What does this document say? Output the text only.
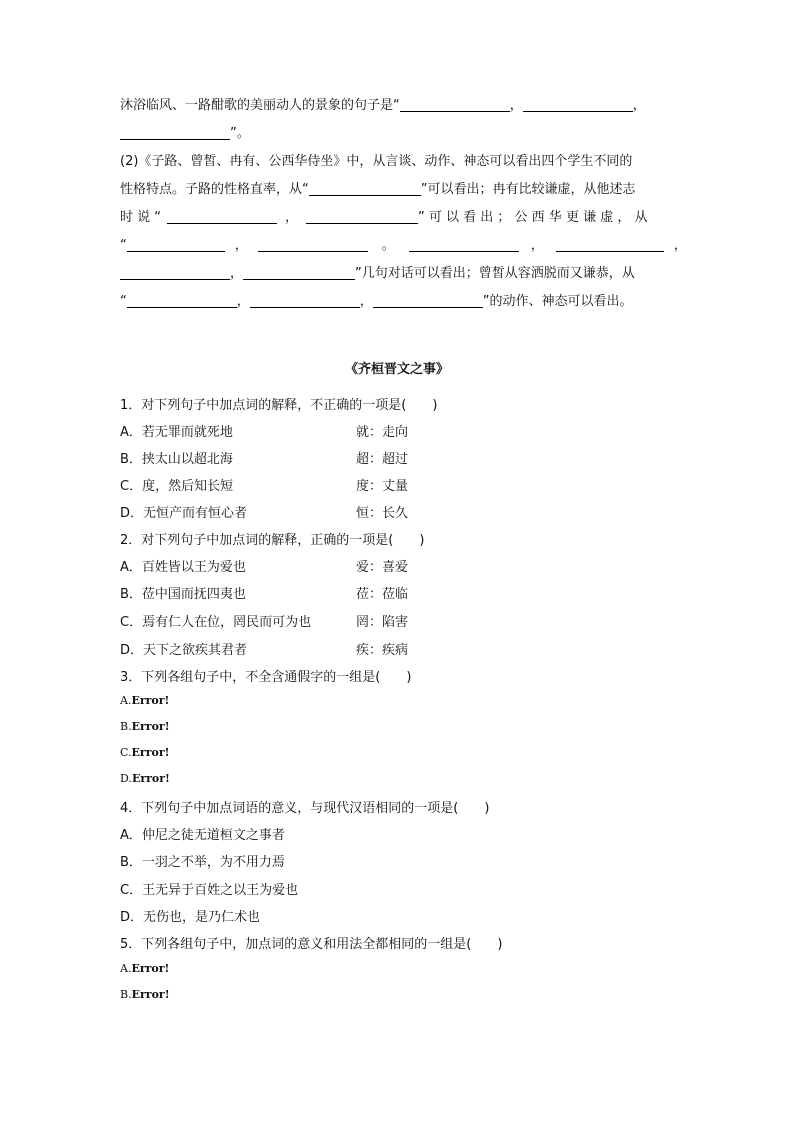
沐浴临风、一路酣歌的美丽动人的景象的句子是“	，	，
”。
(2)《子路、曾皙、冉有、公西华侍坐》中，从言谈、动作、神态可以看出四个学生不同的
性格特点。子路的性格直率，从“	”可以看出；冉有比较谦虚，从他述志
时 说 “	，	” 可 以 看 出 ； 公 西 华 更 谦 虚 ， 从
“	，	。	，	，
，	”几句对话可以看出；曾皙从容洒脱而又谦恭，从
“	，	，	”的动作、神态可以看出。
《齐桓晋文之事》
1．对下列句子中加点词的解释，不正确的一项是(　　)
A．若无罪而就死地	就：走向
B．挟太山以超北海	超：超过
C．度，然后知长短	度：丈量
D．无恒产而有恒心者	恒：长久
2．对下列句子中加点词的解释，正确的一项是(　　)
A．百姓皆以王为爱也	爱：喜爱
B．莅中国而抚四夷也	莅：莅临
C．焉有仁人在位，罔民而可为也	罔：陷害
D．天下之欲疾其君者	疾：疾病
3．下列各组句子中，不全含通假字的一组是(　　)
A.Error!
B.Error!
C.Error!
D.Error!
4．下列句子中加点词语的意义，与现代汉语相同的一项是(　　)
A．仲尼之徒无道桓文之事者
B．一羽之不举，为不用力焉
C．王无异于百姓之以王为爱也
D．无伤也，是乃仁术也
5．下列各组句子中，加点词的意义和用法全都相同的一组是(　　)
A.Error!
B.Error!
